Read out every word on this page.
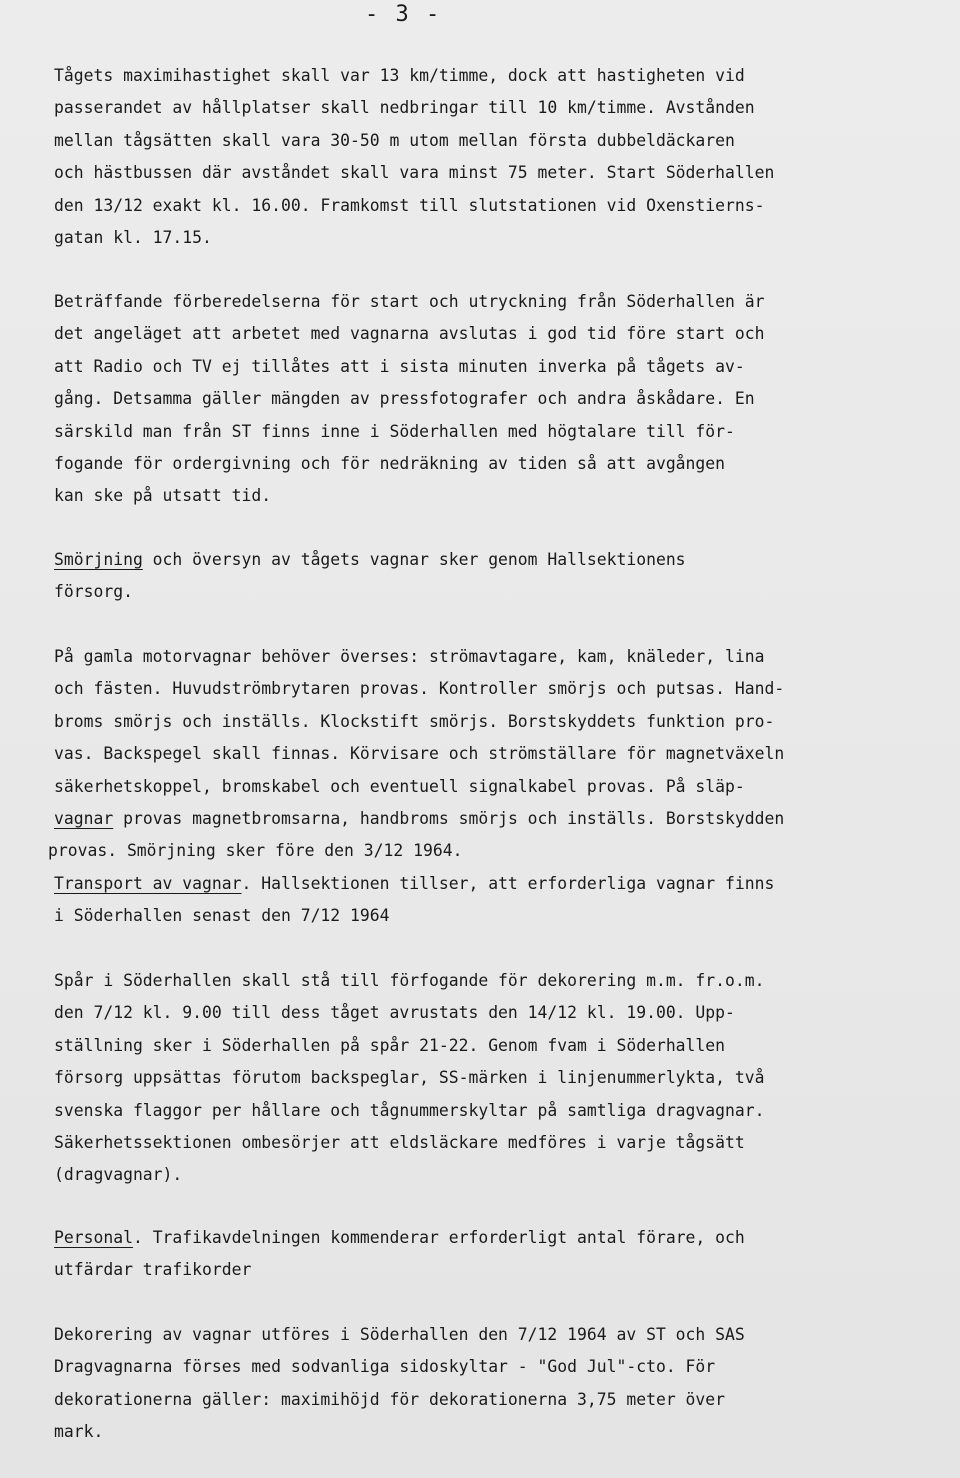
- 3 -
Tågets maximihastighet skall var 13 km/timme, dock att hastigheten vid
passerandet av hållplatser skall nedbringar till 10 km/timme. Avstånden
mellan tågsätten skall vara 30-50 m utom mellan första dubbeldäckaren
och hästbussen där avståndet skall vara minst 75 meter. Start Söderhallen
den 13/12 exakt kl. 16.00. Framkomst till slutstationen vid Oxenstierns-
gatan kl. 17.15.
Beträffande förberedelserna för start och utryckning från Söderhallen är
det angeläget att arbetet med vagnarna avslutas i god tid före start och
att Radio och TV ej tillåtes att i sista minuten inverka på tågets av-
gång. Detsamma gäller mängden av pressfotografer och andra åskådare. En
särskild man från ST finns inne i Söderhallen med högtalare till för-
fogande för ordergivning och för nedräkning av tiden så att avgången
kan ske på utsatt tid.
Smörjning och översyn av tågets vagnar sker genom Hallsektionens
försorg.
På gamla motorvagnar behöver överses: strömavtagare, kam, knäleder, lina
och fästen. Huvudströmbrytaren provas. Kontroller smörjs och putsas. Hand-
broms smörjs och inställs. Klockstift smörjs. Borstskyddets funktion pro-
vas. Backspegel skall finnas. Körvisare och strömställare för magnetväxeln
säkerhetskoppel, bromskabel och eventuell signalkabel provas. På släp-
vagnar provas magnetbromsarna, handbroms smörjs och inställs. Borstskydden
provas. Smörjning sker före den 3/12 1964.
Transport av vagnar. Hallsektionen tillser, att erforderliga vagnar finns
i Söderhallen senast den 7/12 1964
Spår i Söderhallen skall stå till förfogande för dekorering m.m. fr.o.m.
den 7/12 kl. 9.00 till dess tåget avrustats den 14/12 kl. 19.00. Upp-
ställning sker i Söderhallen på spår 21-22. Genom fvam i Söderhallen
försorg uppsättas förutom backspeglar, SS-märken i linjenummerlykta, två
svenska flaggor per hållare och tågnummerskyltar på samtliga dragvagnar.
Säkerhetssektionen ombesörjer att eldsläckare medföres i varje tågsätt
(dragvagnar).
Personal. Trafikavdelningen kommenderar erforderligt antal förare, och
utfärdar trafikorder
Dekorering av vagnar utföres i Söderhallen den 7/12 1964 av ST och SAS
Dragvagnarna förses med sodvanliga sidoskyltar - "God Jul"-cto. För
dekorationerna gäller: maximihöjd för dekorationerna 3,75 meter över
mark.
